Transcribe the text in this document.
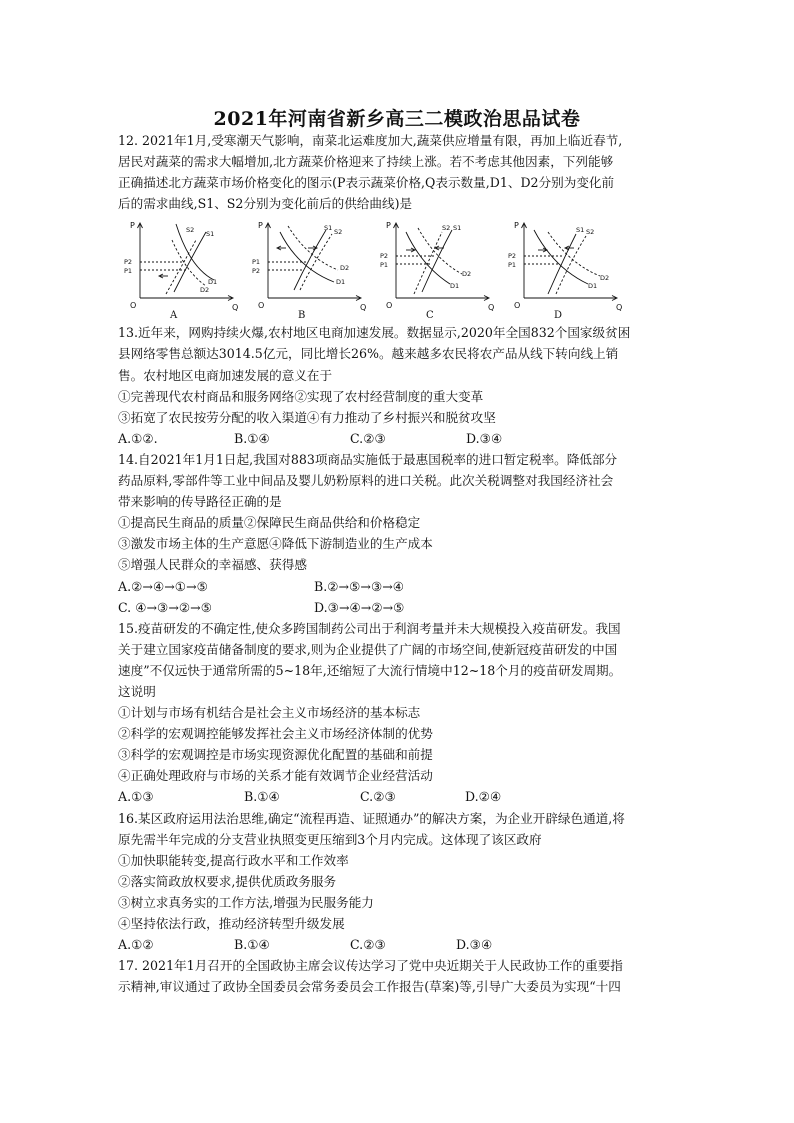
2021年河南省新乡高三二模政治思品试卷

12. 2021年1月,受寒潮天气影响，南菜北运难度加大,蔬菜供应增量有限，再加上临近春节,

居民对蔬菜的需求大幅增加,北方蔬菜价格迎来了持续上涨。若不考虑其他因素，下列能够

正确描述北方蔬菜市场价格变化的图示(P表示蔬菜价格,Q表示数量,D1、D2分别为变化前

后的需求曲线,S1、S2分别为变化前后的供给曲线)是

P
Q
O
P2
P1
S2 S1
D1
D2
A
P
Q
O
P1
P2
S1 S2
D2
D1
B
P
Q
O
P2
P1
S2 S1
D2
D1
C
P
Q
O
P2
P1
S1 S2
D2
D1
D

13.近年来，网购持续火爆,农村地区电商加速发展。数据显示,2020年全国832个国家级贫困

县网络零售总额达3014.5亿元，同比增长26%。越来越多农民将农产品从线下转向线上销

售。农村地区电商加速发展的意义在于

①完善现代农村商品和服务网络②实现了农村经营制度的重大变革

③拓宽了农民按劳分配的收入渠道④有力推动了乡村振兴和脱贫攻坚

A.①②.	B.①④	C.②③	D.③④

14.自2021年1月1日起,我国对883项商品实施低于最惠国税率的进口暂定税率。降低部分

药品原料,零部件等工业中间品及婴儿奶粉原料的进口关税。此次关税调整对我国经济社会

带来影响的传导路径正确的是

①提高民生商品的质量②保障民生商品供给和价格稳定

③激发市场主体的生产意愿④降低下游制造业的生产成本

⑤增强人民群众的幸福感、获得感

A.②→④→①→⑤	B.②→⑤→③→④
C. ④→③→②→⑤	D.③→④→②→⑤

15.疫苗研发的不确定性,使众多跨国制药公司出于利润考量并未大规模投入疫苗研发。我国

关于建立国家疫苗储备制度的要求,则为企业提供了广阔的市场空间,使新冠疫苗研发的中国

速度”不仅远快于通常所需的5~18年,还缩短了大流行情境中12~18个月的疫苗研发周期。

这说明

①计划与市场有机结合是社会主义市场经济的基本标志

②科学的宏观调控能够发挥社会主义市场经济体制的优势

③科学的宏观调控是市场实现资源优化配置的基础和前提

④正确处理政府与市场的关系才能有效调节企业经营活动

A.①③	B.①④	C.②③	D.②④

16.某区政府运用法治思维,确定“流程再造、证照通办”的解决方案，为企业开辟绿色通道,将

原先需半年完成的分支营业执照变更压缩到3个月内完成。这体现了该区政府

①加快职能转变,提高行政水平和工作效率

②落实简政放权要求,提供优质政务服务

③树立求真务实的工作方法,增强为民服务能力

④坚持依法行政，推动经济转型升级发展

A.①②	B.①④	C.②③	D.③④

17. 2021年1月召开的全国政协主席会议传达学习了党中央近期关于人民政协工作的重要指

示精神,审议通过了政协全国委员会常务委员会工作报告(草案)等,引导广大委员为实现“十四
